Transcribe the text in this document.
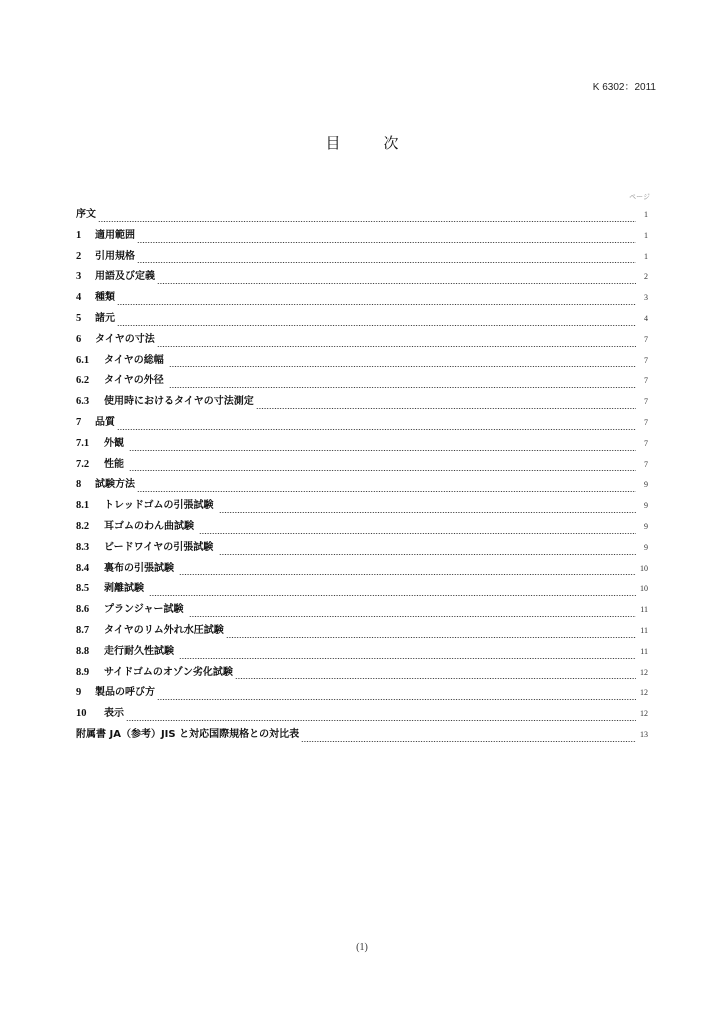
K 6302：2011
目　次
ページ
序文	1
1	適用範囲	1
2	引用規格	1
3	用語及び定義	2
4	種類	3
5	諸元	4
6	タイヤの寸法	7
6.1	タイヤの総幅	7
6.2	タイヤの外径	7
6.3	使用時におけるタイヤの寸法測定	7
7	品質	7
7.1	外観	7
7.2	性能	7
8	試験方法	9
8.1	トレッドゴムの引張試験	9
8.2	耳ゴムのわん曲試験	9
8.3	ビードワイヤの引張試験	9
8.4	裏布の引張試験	10
8.5	剥離試験	10
8.6	プランジャー試験	11
8.7	タイヤのリム外れ水圧試験	11
8.8	走行耐久性試験	11
8.9	サイドゴムのオゾン劣化試験	12
9	製品の呼び方	12
10	表示	12
附属書 JA（参考）JIS と対応国際規格との対比表	13
(1)
